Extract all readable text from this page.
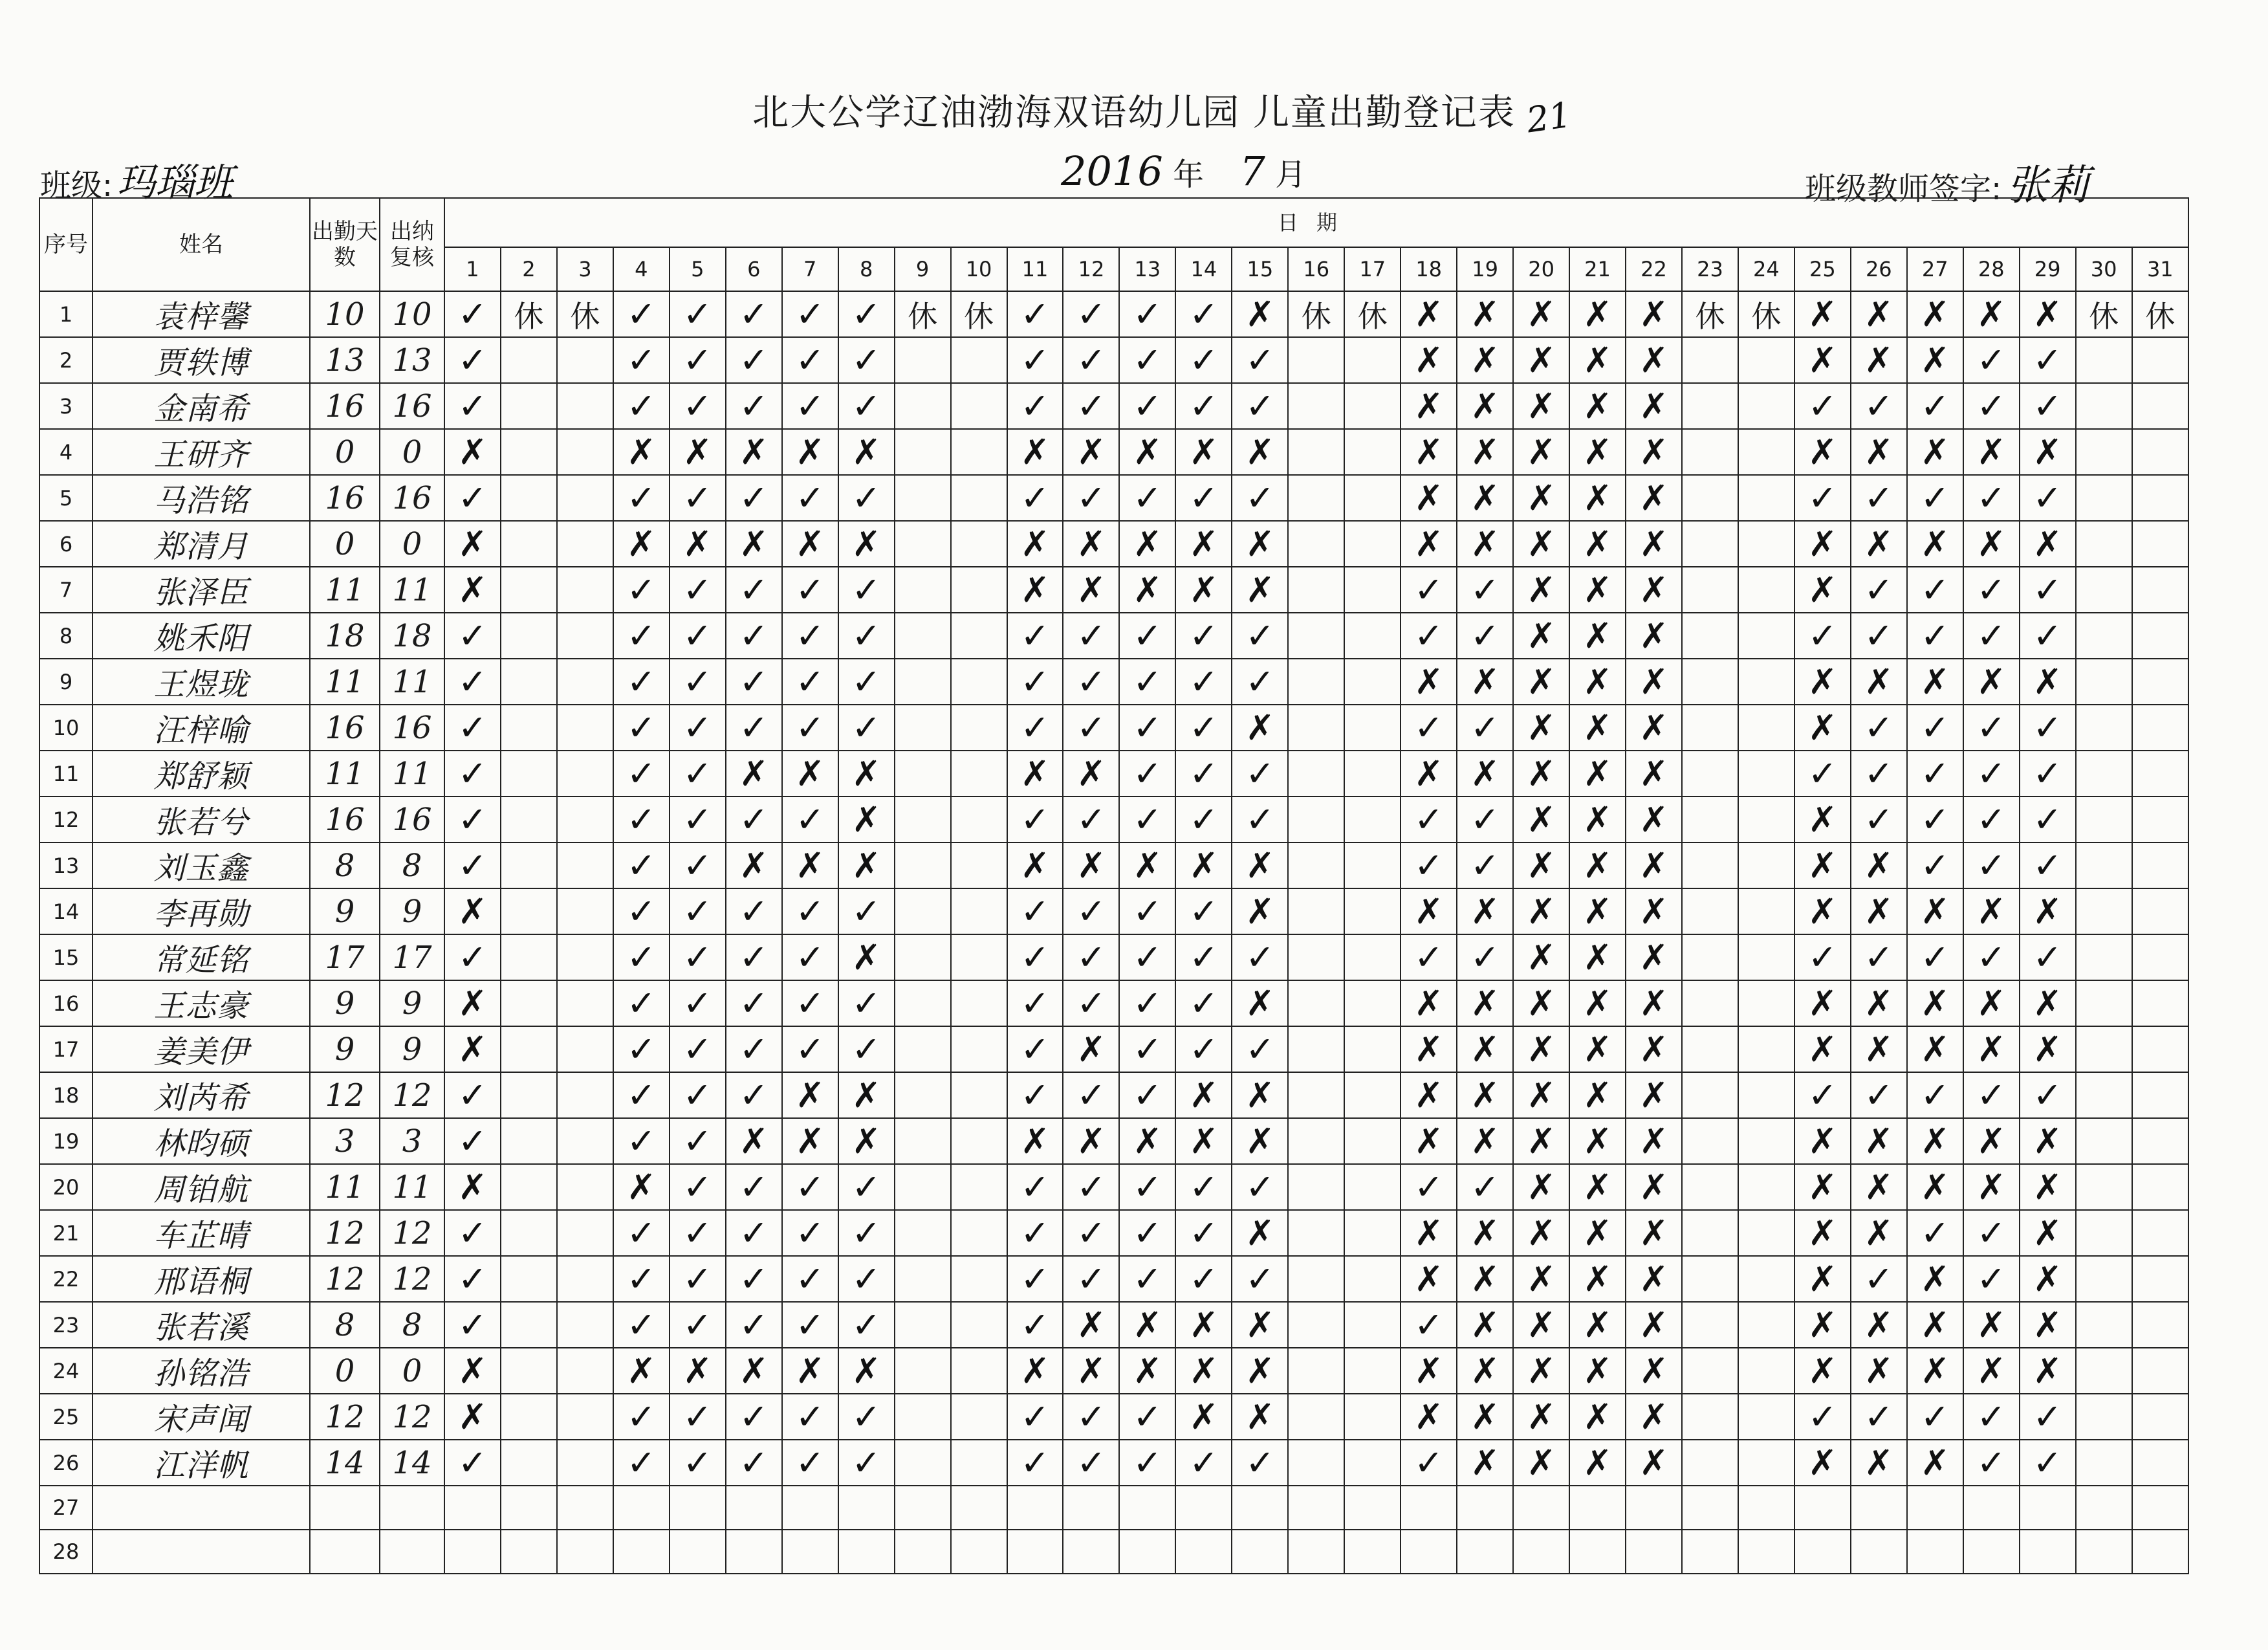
北大公学辽油渤海双语幼儿园 儿童出勤登记表 21
班级: 玛瑙班	2016 年 7 月	班级教师签字: 张莉
序号	姓名	出勤天数	出纳复核	日期																														
				1	2	3	4	5	6	7	8	9	10	11	12	13	14	15	16	17	18	19	20	21	22	23	24	25	26	27	28	29	30	31
1	袁梓馨	10	10	✓	休	休	✓	✓	✓	✓	✓	休	休	✓	✓	✓	✓	✗	休	休	✗	✗	✗	✗	✗	休	休	✗	✗	✗	✗	✗	休	休
2	贾轶博	13	13	✓			✓	✓	✓	✓	✓			✓	✓	✓	✓	✓			✗	✗	✗	✗	✗			✗	✗	✗	✓	✓		
3	金南希	16	16	✓			✓	✓	✓	✓	✓			✓	✓	✓	✓	✓			✗	✗	✗	✗	✗			✓	✓	✓	✓	✓		
4	王研齐	0	0	✗			✗	✗	✗	✗	✗			✗	✗	✗	✗	✗			✗	✗	✗	✗	✗			✗	✗	✗	✗	✗		
5	马浩铭	16	16	✓			✓	✓	✓	✓	✓			✓	✓	✓	✓	✓			✗	✗	✗	✗	✗			✓	✓	✓	✓	✓		
6	郑清月	0	0	✗			✗	✗	✗	✗	✗			✗	✗	✗	✗	✗			✗	✗	✗	✗	✗			✗	✗	✗	✗	✗		
7	张泽臣	11	11	✗			✓	✓	✓	✓	✓			✗	✗	✗	✗	✗			✓	✓	✗	✗	✗			✗	✓	✓	✓	✓		
8	姚禾阳	18	18	✓			✓	✓	✓	✓	✓			✓	✓	✓	✓	✓			✓	✓	✗	✗	✗			✓	✓	✓	✓	✓		
9	王煜珑	11	11	✓			✓	✓	✓	✓	✓			✓	✓	✓	✓	✓			✗	✗	✗	✗	✗			✗	✗	✗	✗	✗		
10	汪梓喻	16	16	✓			✓	✓	✓	✓	✓			✓	✓	✓	✓	✗			✓	✓	✗	✗	✗			✗	✓	✓	✓	✓		
11	郑舒颖	11	11	✓			✓	✓	✗	✗	✗			✗	✗	✓	✓	✓			✗	✗	✗	✗	✗			✓	✓	✓	✓	✓		
12	张若兮	16	16	✓			✓	✓	✓	✓	✗			✓	✓	✓	✓	✓			✓	✓	✗	✗	✗			✗	✓	✓	✓	✓		
13	刘玉鑫	8	8	✓			✓	✓	✗	✗	✗			✗	✗	✗	✗	✗			✓	✓	✗	✗	✗			✗	✗	✓	✓	✓		
14	李再勋	9	9	✗			✓	✓	✓	✓	✓			✓	✓	✓	✓	✗			✗	✗	✗	✗	✗			✗	✗	✗	✗	✗		
15	常延铭	17	17	✓			✓	✓	✓	✓	✗			✓	✓	✓	✓	✓			✓	✓	✗	✗	✗			✓	✓	✓	✓	✓		
16	王志豪	9	9	✗			✓	✓	✓	✓	✓			✓	✓	✓	✓	✗			✗	✗	✗	✗	✗			✗	✗	✗	✗	✗		
17	姜美伊	9	9	✗			✓	✓	✓	✓	✓			✓	✗	✓	✓	✓			✗	✗	✗	✗	✗			✗	✗	✗	✗	✗		
18	刘芮希	12	12	✓			✓	✓	✓	✗	✗			✓	✓	✓	✗	✗			✗	✗	✗	✗	✗			✓	✓	✓	✓	✓		
19	林昀硕	3	3	✓			✓	✓	✗	✗	✗			✗	✗	✗	✗	✗			✗	✗	✗	✗	✗			✗	✗	✗	✗	✗		
20	周铂航	11	11	✗			✗	✓	✓	✓	✓			✓	✓	✓	✓	✓			✓	✓	✗	✗	✗			✗	✗	✗	✗	✗		
21	车芷晴	12	12	✓			✓	✓	✓	✓	✓			✓	✓	✓	✓	✗			✗	✗	✗	✗	✗			✗	✗	✓	✓	✗		
22	邢语桐	12	12	✓			✓	✓	✓	✓	✓			✓	✓	✓	✓	✓			✗	✗	✗	✗	✗			✗	✓	✗	✓	✗		
23	张若溪	8	8	✓			✓	✓	✓	✓	✓			✓	✗	✗	✗	✗			✓	✗	✗	✗	✗			✗	✗	✗	✗	✗		
24	孙铭浩	0	0	✗			✗	✗	✗	✗	✗			✗	✗	✗	✗	✗			✗	✗	✗	✗	✗			✗	✗	✗	✗	✗		
25	宋声闻	12	12	✗			✓	✓	✓	✓	✓			✓	✓	✓	✗	✗			✗	✗	✗	✗	✗			✓	✓	✓	✓	✓		
26	江洋帆	14	14	✓			✓	✓	✓	✓	✓			✓	✓	✓	✓	✓			✓	✗	✗	✗	✗			✗	✗	✗	✓	✓		
27																																		
28																																		
